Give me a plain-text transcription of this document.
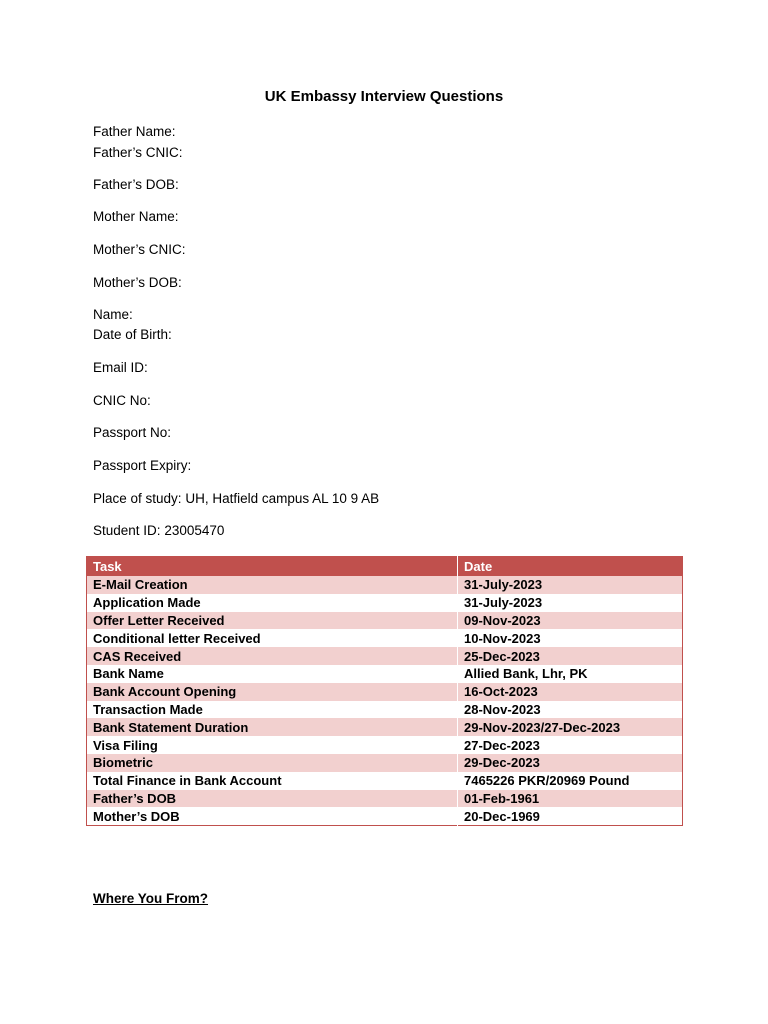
UK Embassy Interview Questions
Father Name:
Father’s CNIC:
Father’s DOB:
Mother Name:
Mother’s CNIC:
Mother’s DOB:
Name:
Date of Birth:
Email ID:
CNIC No:
Passport No:
Passport Expiry:
Place of study: UH, Hatfield campus AL 10 9 AB
Student ID: 23005470
Task	Date
E-Mail Creation	31-July-2023
Application Made	31-July-2023
Offer Letter Received	09-Nov-2023
Conditional letter Received	10-Nov-2023
CAS Received	25-Dec-2023
Bank Name	Allied Bank, Lhr, PK
Bank Account Opening	16-Oct-2023
Transaction Made	28-Nov-2023
Bank Statement Duration	29-Nov-2023/27-Dec-2023
Visa Filing	27-Dec-2023
Biometric	29-Dec-2023
Total Finance in Bank Account	7465226 PKR/20969 Pound
Father’s DOB	01-Feb-1961
Mother’s DOB	20-Dec-1969
Where You From?
